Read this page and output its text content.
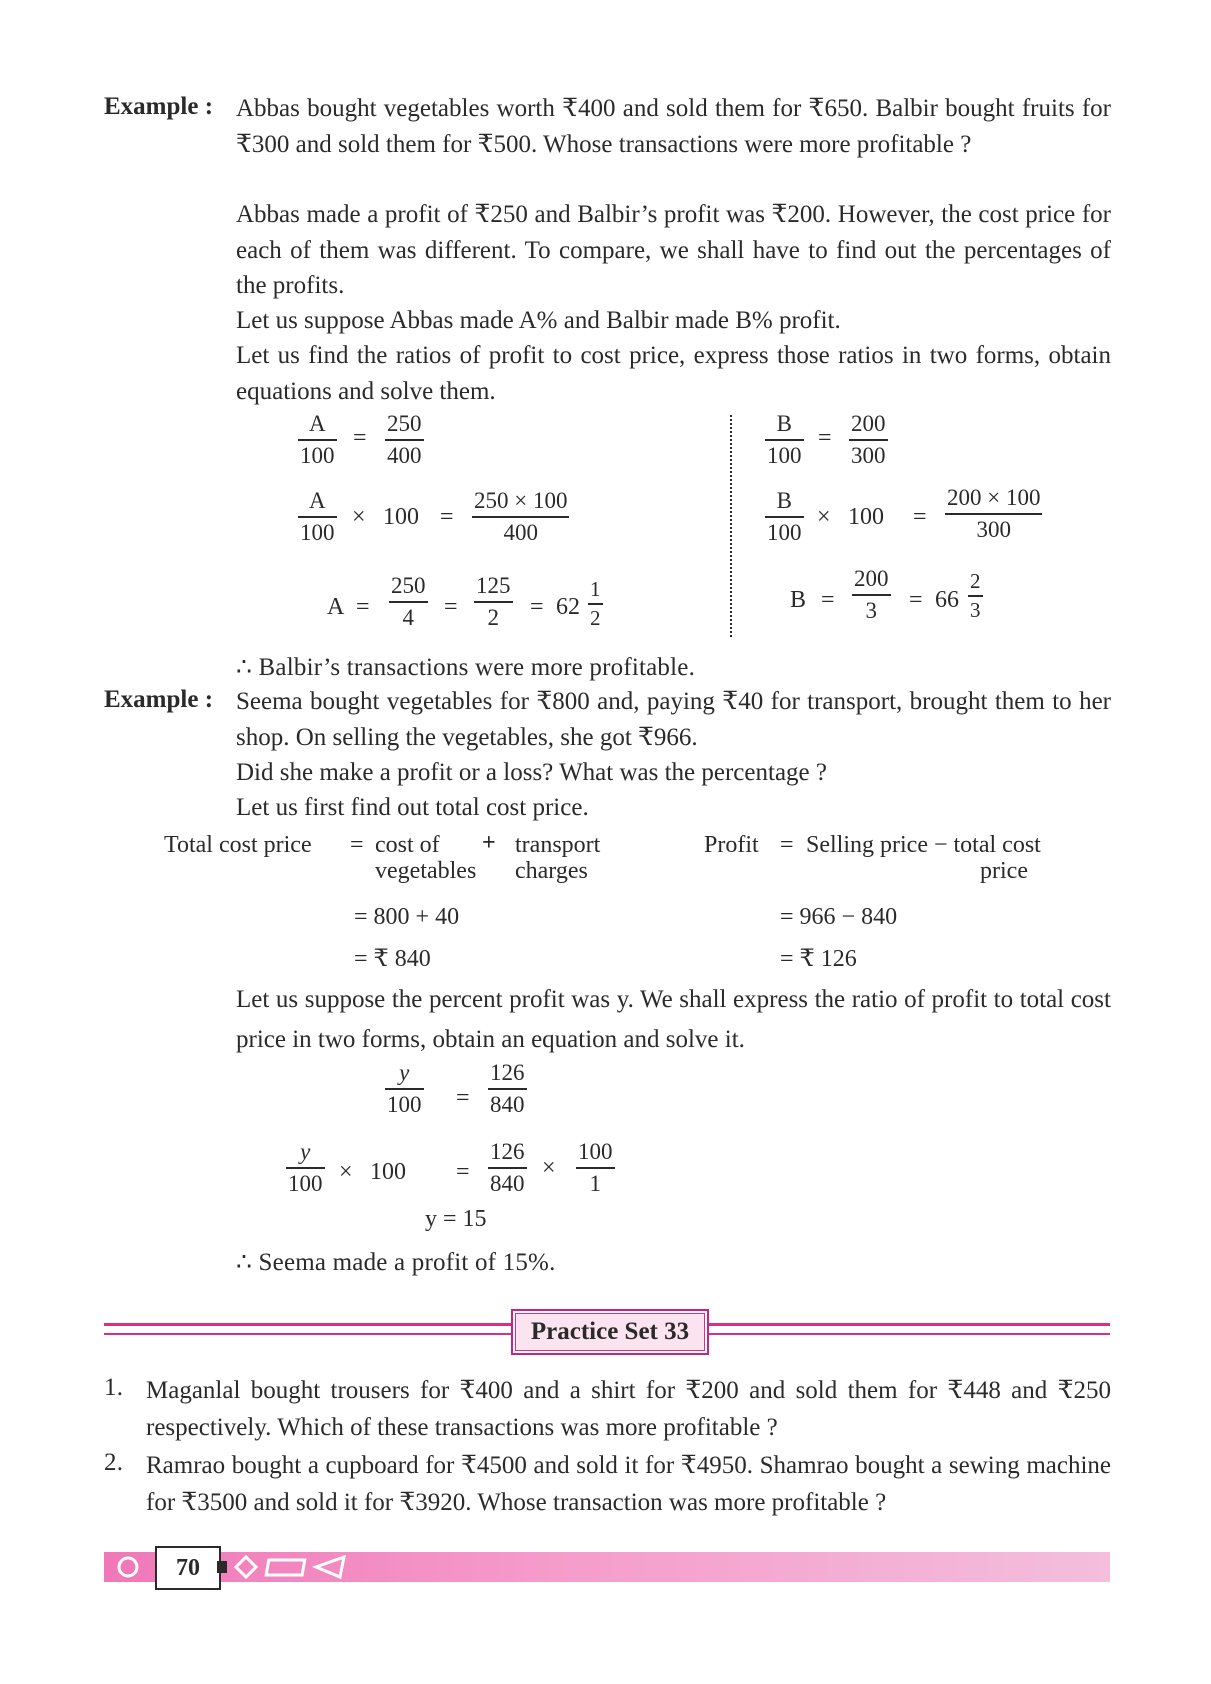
Example : Abbas bought vegetables worth ₹400 and sold them for ₹650. Balbir bought fruits for ₹300 and sold them for ₹500. Whose transactions were more profitable ?
Abbas made a profit of ₹250 and Balbir’s profit was ₹200. However, the cost price for each of them was different. To compare, we shall have to find out the percentages of the profits.
Let us suppose Abbas made A% and Balbir made B% profit.
Let us find the ratios of profit to cost price, express those ratios in two forms, obtain equations and solve them.
A
100
=
250
400
A
100
× 100 =
250 × 100
400
A =
250
4 =
125
2 = 62
1
2
B
100
=
200
300
B
100
× 100 =
200 × 100
300
B =
200
3 = 66
2
3
∴ Balbir’s transactions were more profitable.
Example : Seema bought vegetables for ₹800 and, paying ₹40 for transport, brought them to her shop. On selling the vegetables, she got ₹966.
Did she make a profit or a loss? What was the percentage ?
Let us first find out total cost price.
Total cost price = cost of
vegetables
+ transport
charges
= 800 + 40
= ₹ 840
Profit = Selling price − total cost
price
= 966 − 840
= ₹ 126
Let us suppose the percent profit was y. We shall express the ratio of profit to total cost price in two forms, obtain an equation and solve it.
y
100 =
126
840
y
100 × 100 =
126
840
×
100
1
y = 15
∴ Seema made a profit of 15%.
Practice Set 33
1. Maganlal bought trousers for ₹400 and a shirt for ₹200 and sold them for ₹448 and ₹250 respectively. Which of these transactions was more profitable ?
2. Ramrao bought a cupboard for ₹4500 and sold it for ₹4950. Shamrao bought a sewing machine for ₹3500 and sold it for ₹3920. Whose transaction was more profitable ?
70
